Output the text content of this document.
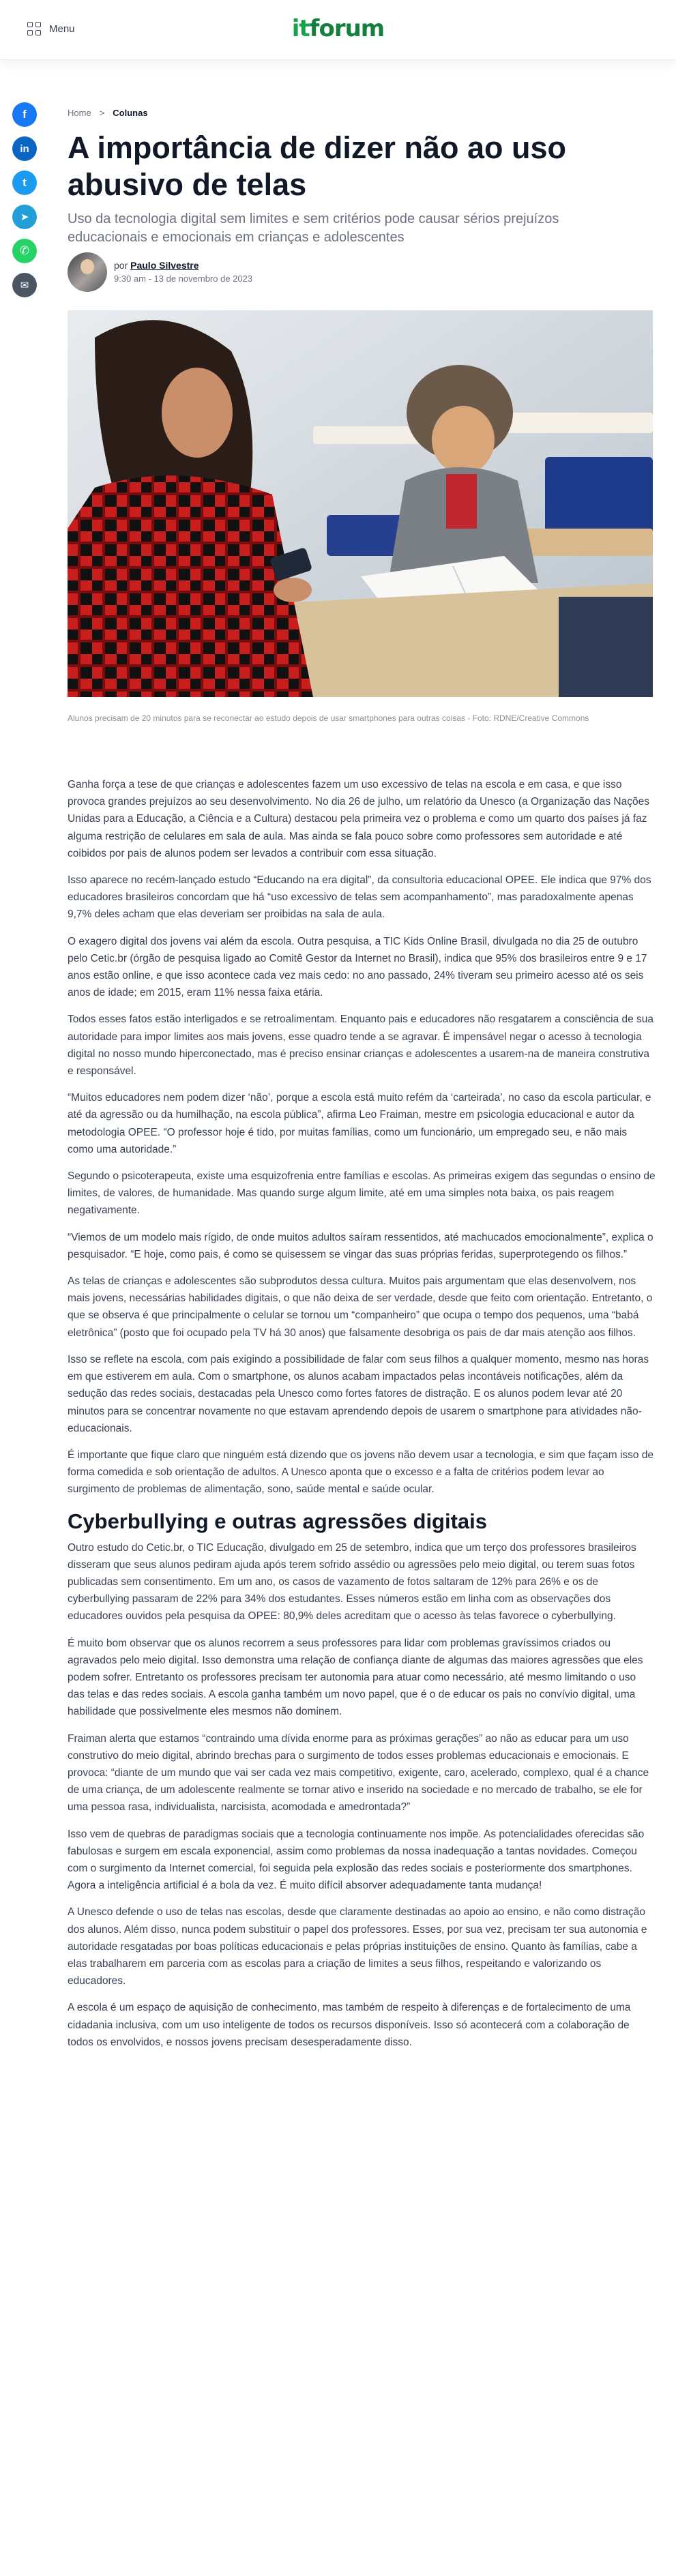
Menu	itforum
f
in
t
➤
✆
✉
Home > Colunas
A importância de dizer não ao uso abusivo de telas

Uso da tecnologia digital sem limites e sem critérios pode causar sérios prejuízos educacionais e emocionais em crianças e adolescentes

por Paulo Silvestre
9:30 am - 13 de novembro de 2023

Alunos precisam de 20 minutos para se reconectar ao estudo depois de usar smartphones para outras coisas - Foto: RDNE/Creative Commons

Ganha força a tese de que crianças e adolescentes fazem um uso excessivo de telas na escola e em casa, e que isso provoca grandes prejuízos ao seu desenvolvimento. No dia 26 de julho, um relatório da Unesco (a Organização das Nações Unidas para a Educação, a Ciência e a Cultura) destacou pela primeira vez o problema e como um quarto dos países já faz alguma restrição de celulares em sala de aula. Mas ainda se fala pouco sobre como professores sem autoridade e até coibidos por pais de alunos podem ser levados a contribuir com essa situação.

Isso aparece no recém-lançado estudo “Educando na era digital”, da consultoria educacional OPEE. Ele indica que 97% dos educadores brasileiros concordam que há “uso excessivo de telas sem acompanhamento”, mas paradoxalmente apenas 9,7% deles acham que elas deveriam ser proibidas na sala de aula.

O exagero digital dos jovens vai além da escola. Outra pesquisa, a TIC Kids Online Brasil, divulgada no dia 25 de outubro pelo Cetic.br (órgão de pesquisa ligado ao Comitê Gestor da Internet no Brasil), indica que 95% dos brasileiros entre 9 e 17 anos estão online, e que isso acontece cada vez mais cedo: no ano passado, 24% tiveram seu primeiro acesso até os seis anos de idade; em 2015, eram 11% nessa faixa etária.

Todos esses fatos estão interligados e se retroalimentam. Enquanto pais e educadores não resgatarem a consciência de sua autoridade para impor limites aos mais jovens, esse quadro tende a se agravar. É impensável negar o acesso à tecnologia digital no nosso mundo hiperconectado, mas é preciso ensinar crianças e adolescentes a usarem-na de maneira construtiva e responsável.

“Muitos educadores nem podem dizer ‘não’, porque a escola está muito refém da ‘carteirada’, no caso da escola particular, e até da agressão ou da humilhação, na escola pública”, afirma Leo Fraiman, mestre em psicologia educacional e autor da metodologia OPEE. “O professor hoje é tido, por muitas famílias, como um funcionário, um empregado seu, e não mais como uma autoridade.”

Segundo o psicoterapeuta, existe uma esquizofrenia entre famílias e escolas. As primeiras exigem das segundas o ensino de limites, de valores, de humanidade. Mas quando surge algum limite, até em uma simples nota baixa, os pais reagem negativamente.

“Viemos de um modelo mais rígido, de onde muitos adultos saíram ressentidos, até machucados emocionalmente”, explica o pesquisador. “E hoje, como pais, é como se quisessem se vingar das suas próprias feridas, superprotegendo os filhos.”

As telas de crianças e adolescentes são subprodutos dessa cultura. Muitos pais argumentam que elas desenvolvem, nos mais jovens, necessárias habilidades digitais, o que não deixa de ser verdade, desde que feito com orientação. Entretanto, o que se observa é que principalmente o celular se tornou um “companheiro” que ocupa o tempo dos pequenos, uma “babá eletrônica” (posto que foi ocupado pela TV há 30 anos) que falsamente desobriga os pais de dar mais atenção aos filhos.

Isso se reflete na escola, com pais exigindo a possibilidade de falar com seus filhos a qualquer momento, mesmo nas horas em que estiverem em aula. Com o smartphone, os alunos acabam impactados pelas incontáveis notificações, além da sedução das redes sociais, destacadas pela Unesco como fortes fatores de distração. E os alunos podem levar até 20 minutos para se concentrar novamente no que estavam aprendendo depois de usarem o smartphone para atividades não-educacionais.

É importante que fique claro que ninguém está dizendo que os jovens não devem usar a tecnologia, e sim que façam isso de forma comedida e sob orientação de adultos. A Unesco aponta que o excesso e a falta de critérios podem levar ao surgimento de problemas de alimentação, sono, saúde mental e saúde ocular.

Cyberbullying e outras agressões digitais

Outro estudo do Cetic.br, o TIC Educação, divulgado em 25 de setembro, indica que um terço dos professores brasileiros disseram que seus alunos pediram ajuda após terem sofrido assédio ou agressões pelo meio digital, ou terem suas fotos publicadas sem consentimento. Em um ano, os casos de vazamento de fotos saltaram de 12% para 26% e os de cyberbullying passaram de 22% para 34% dos estudantes. Esses números estão em linha com as observações dos educadores ouvidos pela pesquisa da OPEE: 80,9% deles acreditam que o acesso às telas favorece o cyberbullying.

É muito bom observar que os alunos recorrem a seus professores para lidar com problemas gravíssimos criados ou agravados pelo meio digital. Isso demonstra uma relação de confiança diante de algumas das maiores agressões que eles podem sofrer. Entretanto os professores precisam ter autonomia para atuar como necessário, até mesmo limitando o uso das telas e das redes sociais. A escola ganha também um novo papel, que é o de educar os pais no convívio digital, uma habilidade que possivelmente eles mesmos não dominem.

Fraiman alerta que estamos “contraindo uma dívida enorme para as próximas gerações” ao não as educar para um uso construtivo do meio digital, abrindo brechas para o surgimento de todos esses problemas educacionais e emocionais. E provoca: “diante de um mundo que vai ser cada vez mais competitivo, exigente, caro, acelerado, complexo, qual é a chance de uma criança, de um adolescente realmente se tornar ativo e inserido na sociedade e no mercado de trabalho, se ele for uma pessoa rasa, individualista, narcisista, acomodada e amedrontada?”

Isso vem de quebras de paradigmas sociais que a tecnologia continuamente nos impõe. As potencialidades oferecidas são fabulosas e surgem em escala exponencial, assim como problemas da nossa inadequação a tantas novidades. Começou com o surgimento da Internet comercial, foi seguida pela explosão das redes sociais e posteriormente dos smartphones. Agora a inteligência artificial é a bola da vez. É muito difícil absorver adequadamente tanta mudança!

A Unesco defende o uso de telas nas escolas, desde que claramente destinadas ao apoio ao ensino, e não como distração dos alunos. Além disso, nunca podem substituir o papel dos professores. Esses, por sua vez, precisam ter sua autonomia e autoridade resgatadas por boas políticas educacionais e pelas próprias instituições de ensino. Quanto às famílias, cabe a elas trabalharem em parceria com as escolas para a criação de limites a seus filhos, respeitando e valorizando os educadores.

A escola é um espaço de aquisição de conhecimento, mas também de respeito à diferenças e de fortalecimento de uma cidadania inclusiva, com um uso inteligente de todos os recursos disponíveis. Isso só acontecerá com a colaboração de todos os envolvidos, e nossos jovens precisam desesperadamente disso.
